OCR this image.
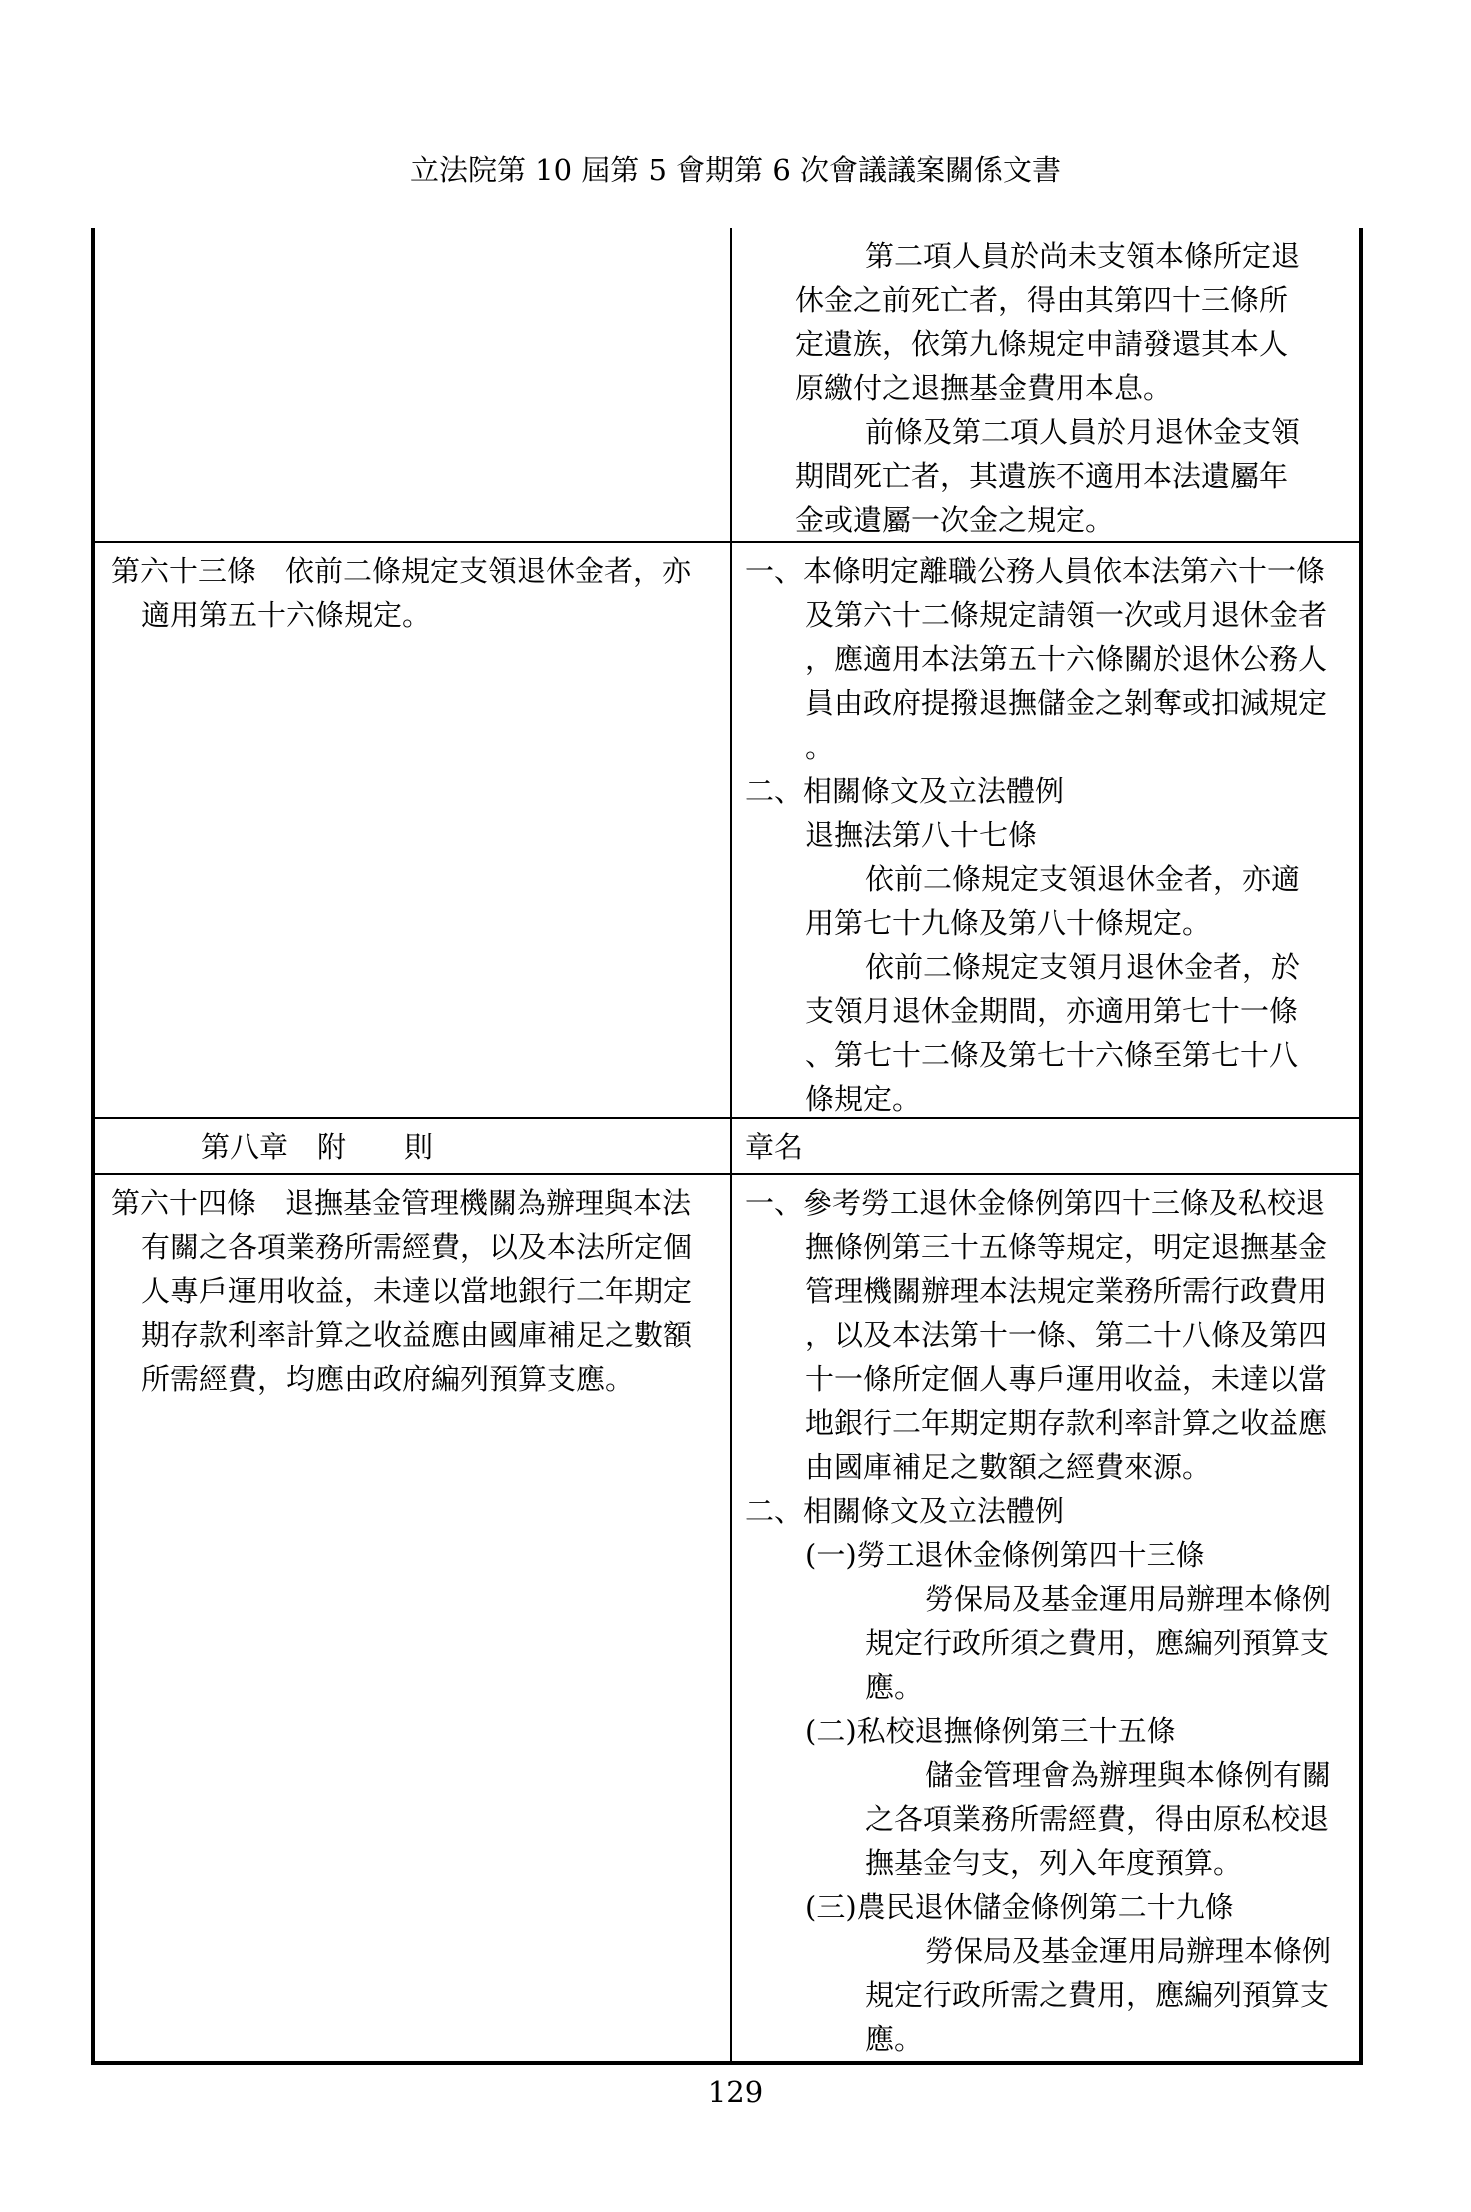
立法院第 10 屆第 5 會期第 6 次會議議案關係文書
第二項人員於尚未支領本條所定退
休金之前死亡者，得由其第四十三條所
定遺族，依第九條規定申請發還其本人
原繳付之退撫基金費用本息。
前條及第二項人員於月退休金支領
期間死亡者，其遺族不適用本法遺屬年
金或遺屬一次金之規定。
第六十三條　依前二條規定支領退休金者，亦
適用第五十六條規定。
一、本條明定離職公務人員依本法第六十一條
及第六十二條規定請領一次或月退休金者
，應適用本法第五十六條關於退休公務人
員由政府提撥退撫儲金之剝奪或扣減規定
。
二、相關條文及立法體例
退撫法第八十七條
依前二條規定支領退休金者，亦適
用第七十九條及第八十條規定。
依前二條規定支領月退休金者，於
支領月退休金期間，亦適用第七十一條
、第七十二條及第七十六條至第七十八
條規定。
第八章　附　　則	章名
第六十四條　退撫基金管理機關為辦理與本法
有關之各項業務所需經費，以及本法所定個
人專戶運用收益，未達以當地銀行二年期定
期存款利率計算之收益應由國庫補足之數額
所需經費，均應由政府編列預算支應。
一、參考勞工退休金條例第四十三條及私校退
撫條例第三十五條等規定，明定退撫基金
管理機關辦理本法規定業務所需行政費用
，以及本法第十一條、第二十八條及第四
十一條所定個人專戶運用收益，未達以當
地銀行二年期定期存款利率計算之收益應
由國庫補足之數額之經費來源。
二、相關條文及立法體例
(一)勞工退休金條例第四十三條
勞保局及基金運用局辦理本條例
規定行政所須之費用，應編列預算支
應。
(二)私校退撫條例第三十五條
儲金管理會為辦理與本條例有關
之各項業務所需經費，得由原私校退
撫基金勻支，列入年度預算。
(三)農民退休儲金條例第二十九條
勞保局及基金運用局辦理本條例
規定行政所需之費用，應編列預算支
應。
129
